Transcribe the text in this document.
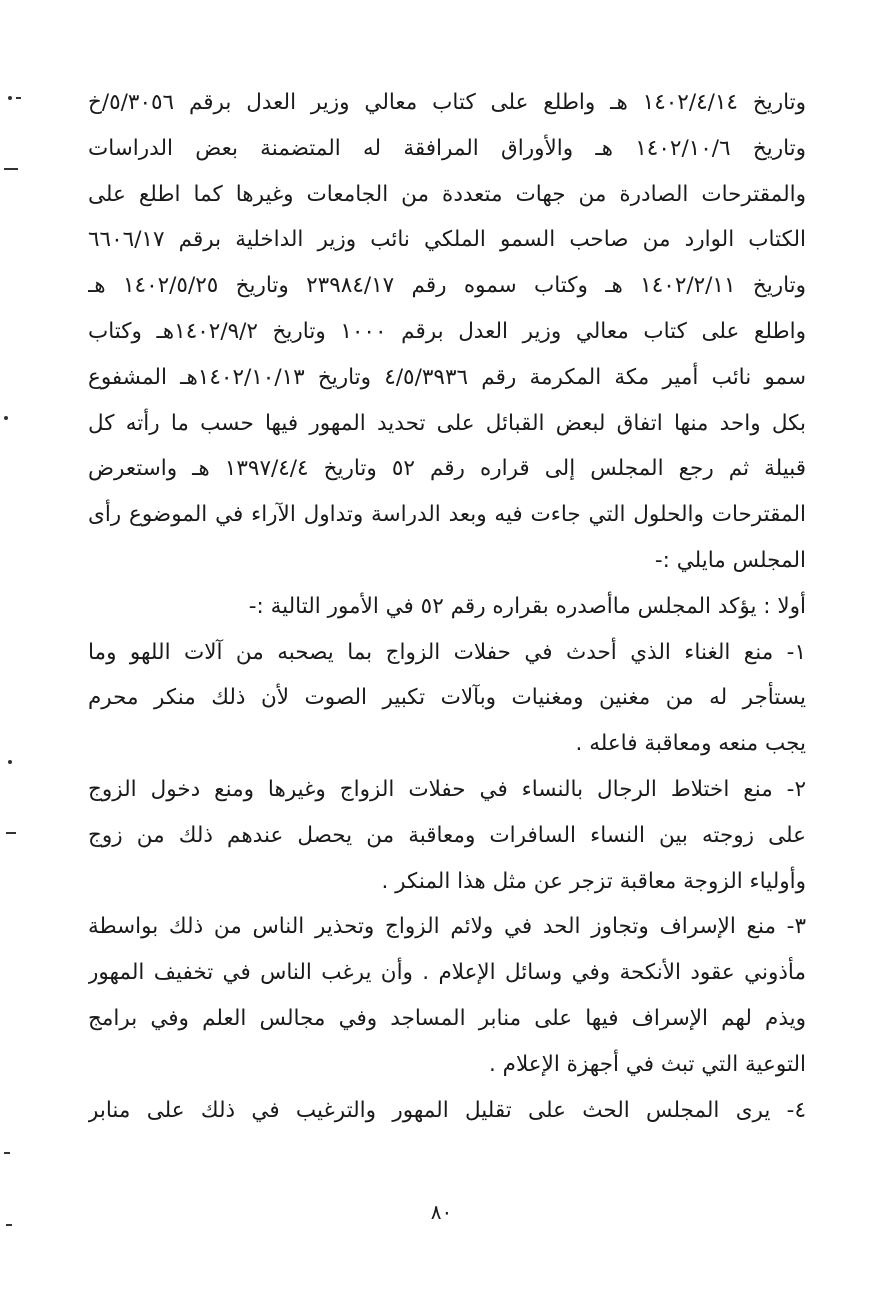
وتاريخ ١٤٠٢/٤/١٤ هـ واطلع على كتاب معالي وزير العدل برقم ٥/٣٠٥٦/خ
وتاريخ ١٤٠٢/١٠/٦ هـ والأوراق المرافقة له المتضمنة بعض الدراسات
والمقترحات الصادرة من جهات متعددة من الجامعات وغيرها كما اطلع على
الكتاب الوارد من صاحب السمو الملكي نائب وزير الداخلية برقم ٦٦٠٦/١٧
وتاريخ ١٤٠٢/٢/١١ هـ وكتاب سموه رقم ٢٣٩٨٤/١٧ وتاريخ ١٤٠٢/٥/٢٥ هـ
واطلع على كتاب معالي وزير العدل برقم ١٠٠٠ وتاريخ ١٤٠٢/٩/٢هـ وكتاب
سمو نائب أمير مكة المكرمة رقم ٤/٥/٣٩٣٦ وتاريخ ١٤٠٢/١٠/١٣هـ المشفوع
بكل واحد منها اتفاق لبعض القبائل على تحديد المهور فيها حسب ما رأته كل
قبيلة ثم رجع المجلس إلى قراره رقم ٥٢ وتاريخ ١٣٩٧/٤/٤ هـ واستعرض
المقترحات والحلول التي جاءت فيه وبعد الدراسة وتداول الآراء في الموضوع رأى
المجلس مايلي :-
أولا : يؤكد المجلس ماأصدره بقراره رقم ٥٢ في الأمور التالية :-
١- منع الغناء الذي أحدث في حفلات الزواج بما يصحبه من آلات اللهو وما
يستأجر له من مغنين ومغنيات وبآلات تكبير الصوت لأن ذلك منكر محرم
يجب منعه ومعاقبة فاعله .
٢- منع اختلاط الرجال بالنساء في حفلات الزواج وغيرها ومنع دخول الزوج
على زوجته بين النساء السافرات ومعاقبة من يحصل عندهم ذلك من زوج
وأولياء الزوجة معاقبة تزجر عن مثل هذا المنكر .
٣- منع الإسراف وتجاوز الحد في ولائم الزواج وتحذير الناس من ذلك بواسطة
مأذوني عقود الأنكحة وفي وسائل الإعلام . وأن يرغب الناس في تخفيف المهور
ويذم لهم الإسراف فيها على منابر المساجد وفي مجالس العلم وفي برامج
التوعية التي تبث في أجهزة الإعلام .
٤- يرى المجلس الحث على تقليل المهور والترغيب في ذلك على منابر
٨٠
